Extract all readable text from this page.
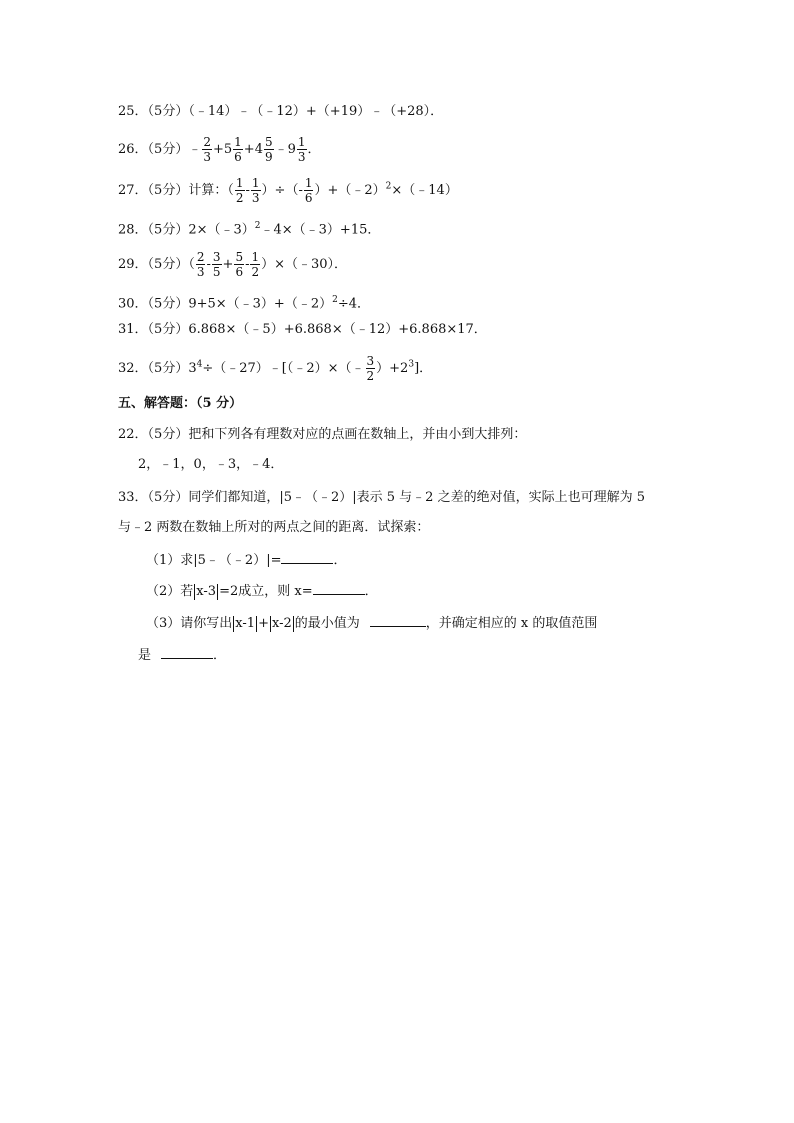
25．（5分）（﹣14）﹣（﹣12）+（+19）﹣（+28）．
26．（5分）﹣ $\frac{2}{3} +5 \frac{1}{6} +4 \frac{5}{9}$ ﹣9 $\frac{1}{3}$ ．
27．（5分）计算：（ $\frac{1}{2} - \frac{1}{3}$ ）÷（- $\frac{1}{6}$ ）+（﹣2）$^2$×（﹣14）
28．（5分）2×（﹣3）$^2$﹣4×（﹣3）+15．
29．（5分）（ $\frac{2}{3} - \frac{3}{5} + \frac{5}{6} - \frac{1}{2}$ ）×（﹣30）．
30．（5分）9+5×（﹣3）+（﹣2）$^2$÷4．
31．（5分）6.868×（﹣5）+6.868×（﹣12）+6.868×17．
32．（5分）$3^4\div(﹣27)﹣[(﹣2)\times(﹣ \frac{3}{2} )+2^3]$．
五、解答题：（5 分）
22．（5分）把和下列各有理数对应的点画在数轴上，并由小到大排列：
2，﹣1，0，﹣3，﹣4．
33．（5分）同学们都知道，|5﹣（﹣2）|表示 5 与﹣2 之差的绝对值，实际上也可理解为 5
与﹣2 两数在数轴上所对的两点之间的距离．试探索：
（1）求|5﹣（﹣2）|=	．
（2）若 x-3 =2成立，则 x=	．
（3）请你写出 x-1 + x-2 的最小值为	，并确定相应的 x 的取值范围
是	．
